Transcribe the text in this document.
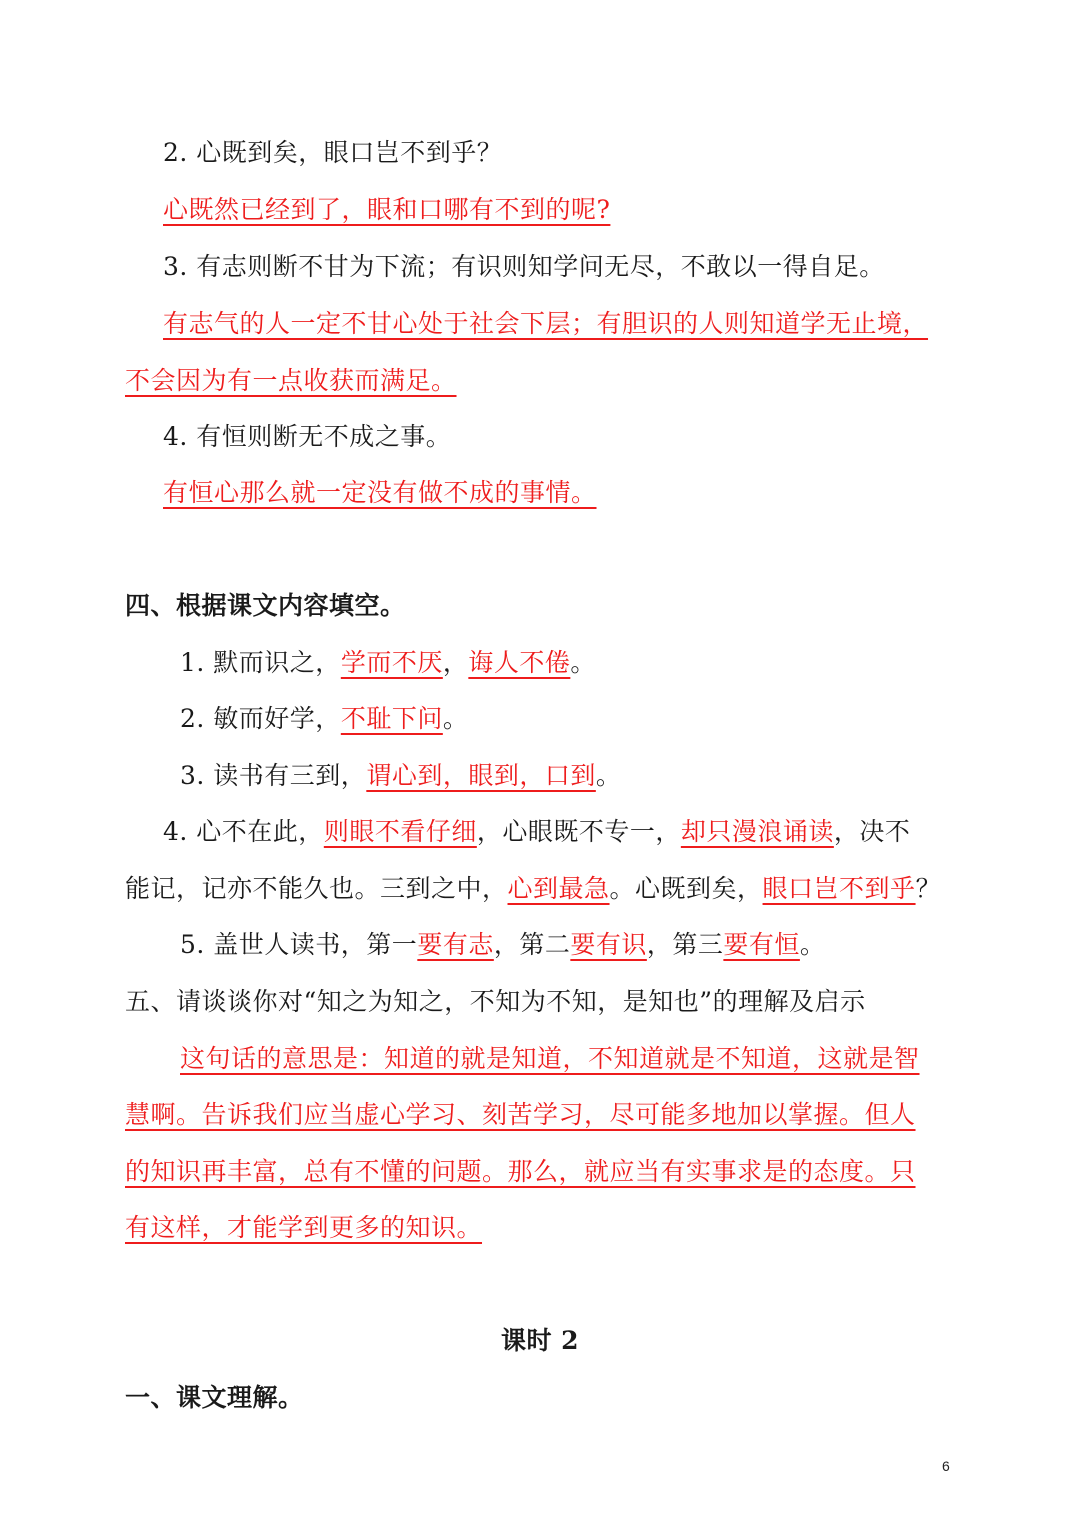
2. 心既到矣，眼口岂不到乎？
心既然已经到了，眼和口哪有不到的呢?
3. 有志则断不甘为下流；有识则知学问无尽，不敢以一得自足。
有志气的人一定不甘心处于社会下层；有胆识的人则知道学无止境，
不会因为有一点收获而满足。
4. 有恒则断无不成之事。
有恒心那么就一定没有做不成的事情。
四、根据课文内容填空。
1. 默而识之，学而不厌，诲人不倦。
2. 敏而好学，不耻下问。
3. 读书有三到，谓心到，眼到，口到。
4. 心不在此，则眼不看仔细，心眼既不专一，却只漫浪诵读，决不
能记，记亦不能久也。三到之中，心到最急。心既到矣，眼口岂不到乎？
5. 盖世人读书，第一要有志，第二要有识，第三要有恒。
五、请谈谈你对“知之为知之，不知为不知，是知也”的理解及启示
这句话的意思是：知道的就是知道，不知道就是不知道，这就是智
慧啊。告诉我们应当虚心学习、刻苦学习，尽可能多地加以掌握。但人
的知识再丰富，总有不懂的问题。那么，就应当有实事求是的态度。只
有这样，才能学到更多的知识。
课时 2
一、课文理解。
6
